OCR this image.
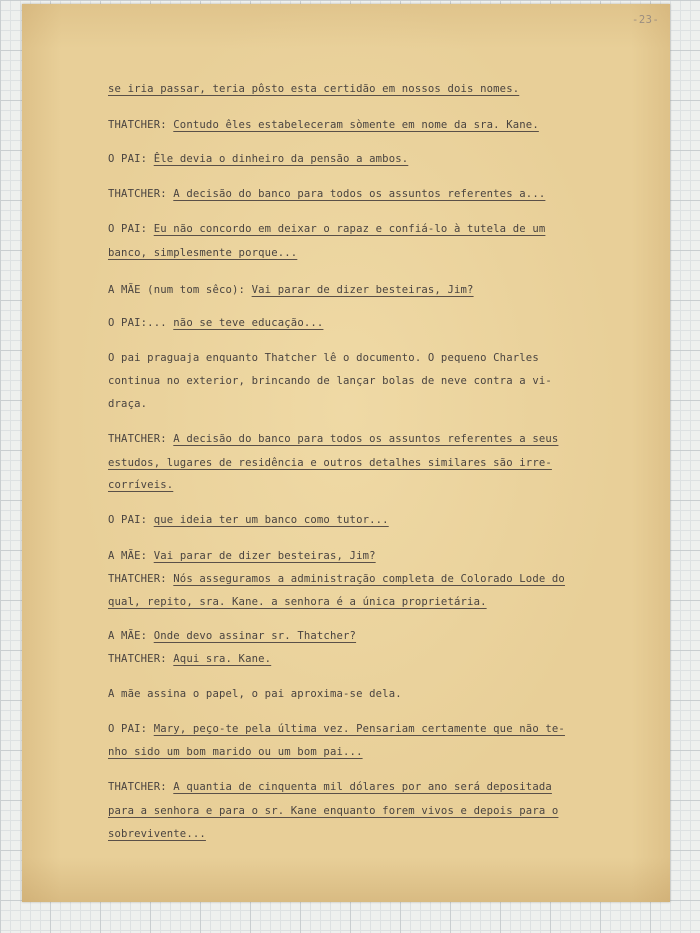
-23-

se iria passar, teria pôsto esta certidão em nossos dois nomes.

THATCHER: Contudo êles estabeleceram sòmente em nome da sra. Kane.

O PAI: Êle devia o dinheiro da pensão a ambos.

THATCHER: A decisão do banco para todos os assuntos referentes a...

O PAI: Eu não concordo em deixar o rapaz e confiá-lo à tutela de um

banco, simplesmente porque...

A MÃE (num tom sêco): Vai parar de dizer besteiras, Jim?

O PAI:... não se teve educação...

O pai praguaja enquanto Thatcher lê o documento. O pequeno Charles

continua no exterior, brincando de lançar bolas de neve contra a vi-

draça.

THATCHER: A decisão do banco para todos os assuntos referentes a seus

estudos, lugares de residência e outros detalhes similares são irre-

corríveis.

O PAI: que ideia ter um banco como tutor...

A MÃE: Vai parar de dizer besteiras, Jim?

THATCHER: Nós asseguramos a administração completa de Colorado Lode do

qual, repito, sra. Kane. a senhora é a única proprietária.

A MÃE: Onde devo assinar sr. Thatcher?

THATCHER: Aqui sra. Kane.

A mãe assina o papel, o pai aproxima-se dela.

O PAI: Mary, peço-te pela última vez. Pensariam certamente que não te-

nho sido um bom marido ou um bom pai...

THATCHER: A quantia de cinquenta mil dólares por ano será depositada

para a senhora e para o sr. Kane enquanto forem vivos e depois para o

sobrevivente...
